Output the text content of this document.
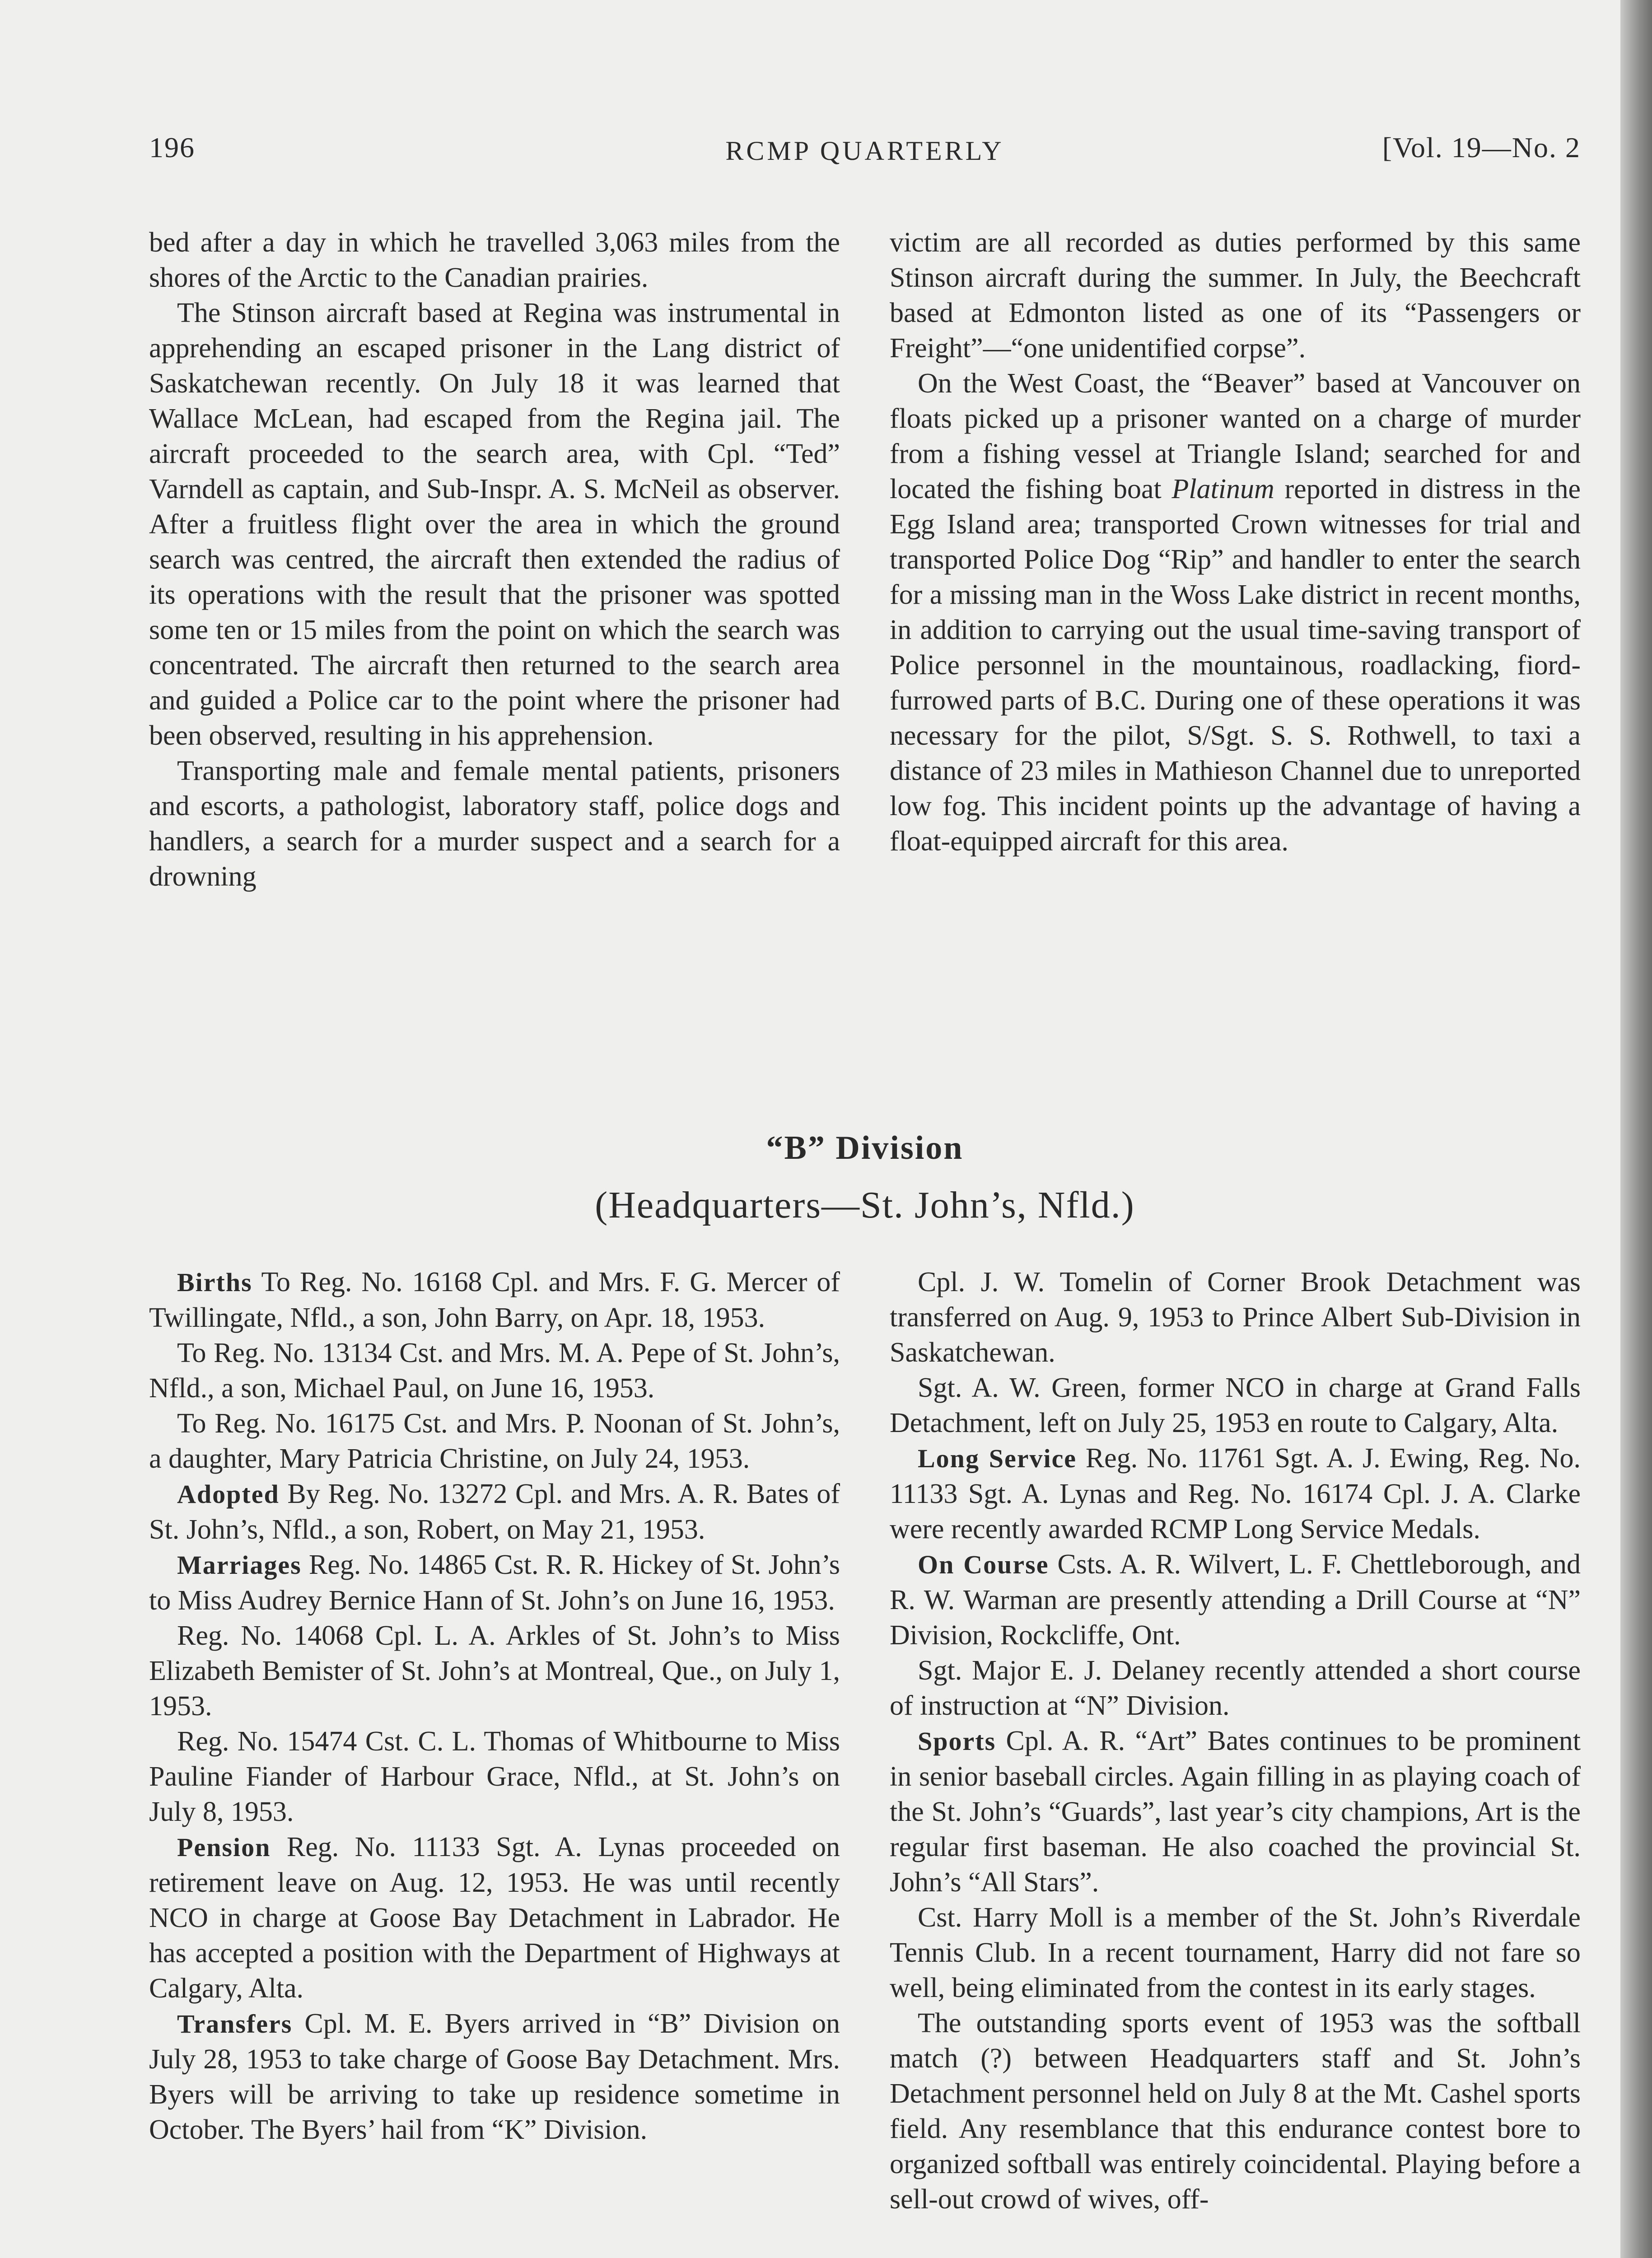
196	RCMP QUARTERLY	[Vol. 19—No. 2

bed after a day in which he travelled 3,063 miles from the shores of the Arctic to the Canadian prairies.

The Stinson aircraft based at Regina was instrumental in apprehending an escaped prisoner in the Lang district of Saskatchewan recently. On July 18 it was learned that Wallace McLean, had escaped from the Regina jail. The aircraft proceeded to the search area, with Cpl. “Ted” Varndell as captain, and Sub-Inspr. A. S. McNeil as observer. After a fruitless flight over the area in which the ground search was centred, the aircraft then extended the radius of its operations with the result that the prisoner was spotted some ten or 15 miles from the point on which the search was concentrated. The aircraft then returned to the search area and guided a Police car to the point where the prisoner had been observed, resulting in his apprehension.

Transporting male and female mental patients, prisoners and escorts, a pathologist, laboratory staff, police dogs and handlers, a search for a murder suspect and a search for a drowning

victim are all recorded as duties performed by this same Stinson aircraft during the summer. In July, the Beechcraft based at Edmonton listed as one of its “Passengers or Freight”—“one unidentified corpse”.

On the West Coast, the “Beaver” based at Vancouver on floats picked up a prisoner wanted on a charge of murder from a fishing vessel at Triangle Island; searched for and located the fishing boat Platinum reported in distress in the Egg Island area; transported Crown witnesses for trial and transported Police Dog “Rip” and handler to enter the search for a missing man in the Woss Lake district in recent months, in addition to carrying out the usual time-saving transport of Police personnel in the mountainous, roadlacking, fiord-furrowed parts of B.C. During one of these operations it was necessary for the pilot, S/Sgt. S. S. Rothwell, to taxi a distance of 23 miles in Mathieson Channel due to unreported low fog. This incident points up the advantage of having a float-equipped aircraft for this area.

“B” Division
(Headquarters—St. John’s, Nfld.)

Births To Reg. No. 16168 Cpl. and Mrs. F. G. Mercer of Twillingate, Nfld., a son, John Barry, on Apr. 18, 1953.

To Reg. No. 13134 Cst. and Mrs. M. A. Pepe of St. John’s, Nfld., a son, Michael Paul, on June 16, 1953.

To Reg. No. 16175 Cst. and Mrs. P. Noonan of St. John’s, a daughter, Mary Patricia Christine, on July 24, 1953.

Adopted By Reg. No. 13272 Cpl. and Mrs. A. R. Bates of St. John’s, Nfld., a son, Robert, on May 21, 1953.

Marriages Reg. No. 14865 Cst. R. R. Hickey of St. John’s to Miss Audrey Bernice Hann of St. John’s on June 16, 1953.

Reg. No. 14068 Cpl. L. A. Arkles of St. John’s to Miss Elizabeth Bemister of St. John’s at Montreal, Que., on July 1, 1953.

Reg. No. 15474 Cst. C. L. Thomas of Whitbourne to Miss Pauline Fiander of Harbour Grace, Nfld., at St. John’s on July 8, 1953.

Pension Reg. No. 11133 Sgt. A. Lynas proceeded on retirement leave on Aug. 12, 1953. He was until recently NCO in charge at Goose Bay Detachment in Labrador. He has accepted a position with the Department of Highways at Calgary, Alta.

Transfers Cpl. M. E. Byers arrived in “B” Division on July 28, 1953 to take charge of Goose Bay Detachment. Mrs. Byers will be arriving to take up residence sometime in October. The Byers’ hail from “K” Division.

Cpl. J. W. Tomelin of Corner Brook Detachment was transferred on Aug. 9, 1953 to Prince Albert Sub-Division in Saskatchewan.

Sgt. A. W. Green, former NCO in charge at Grand Falls Detachment, left on July 25, 1953 en route to Calgary, Alta.

Long Service Reg. No. 11761 Sgt. A. J. Ewing, Reg. No. 11133 Sgt. A. Lynas and Reg. No. 16174 Cpl. J. A. Clarke were recently awarded RCMP Long Service Medals.

On Course Csts. A. R. Wilvert, L. F. Chettleborough, and R. W. Warman are presently attending a Drill Course at “N” Division, Rockcliffe, Ont.

Sgt. Major E. J. Delaney recently attended a short course of instruction at “N” Division.

Sports Cpl. A. R. “Art” Bates continues to be prominent in senior baseball circles. Again filling in as playing coach of the St. John’s “Guards”, last year’s city champions, Art is the regular first baseman. He also coached the provincial St. John’s “All Stars”.

Cst. Harry Moll is a member of the St. John’s Riverdale Tennis Club. In a recent tournament, Harry did not fare so well, being eliminated from the contest in its early stages.

The outstanding sports event of 1953 was the softball match (?) between Headquarters staff and St. John’s Detachment personnel held on July 8 at the Mt. Cashel sports field. Any resemblance that this endurance contest bore to organized softball was entirely coincidental. Playing before a sell-out crowd of wives, off-
